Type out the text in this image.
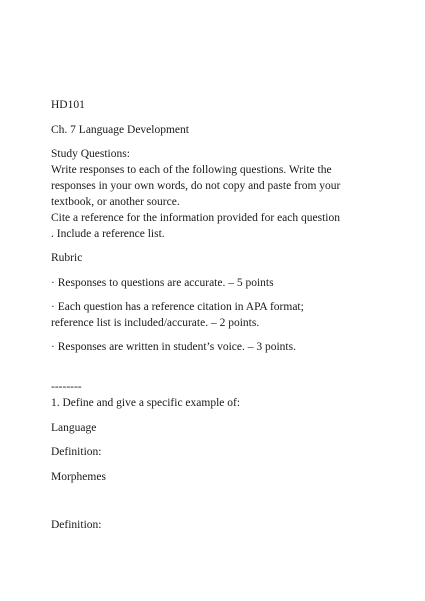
HD101

Ch. 7 Language Development

Study Questions:

Write responses to each of the following questions. Write the

responses in your own words, do not copy and paste from your

textbook, or another source.

Cite a reference for the information provided for each question

. Include a reference list.

Rubric

· Responses to questions are accurate. – 5 points

· Each question has a reference citation in APA format;

reference list is included/accurate. – 2 points.

· Responses are written in student’s voice. – 3 points.

--------

1. Define and give a specific example of:

Language

Definition:

Morphemes

Definition:
